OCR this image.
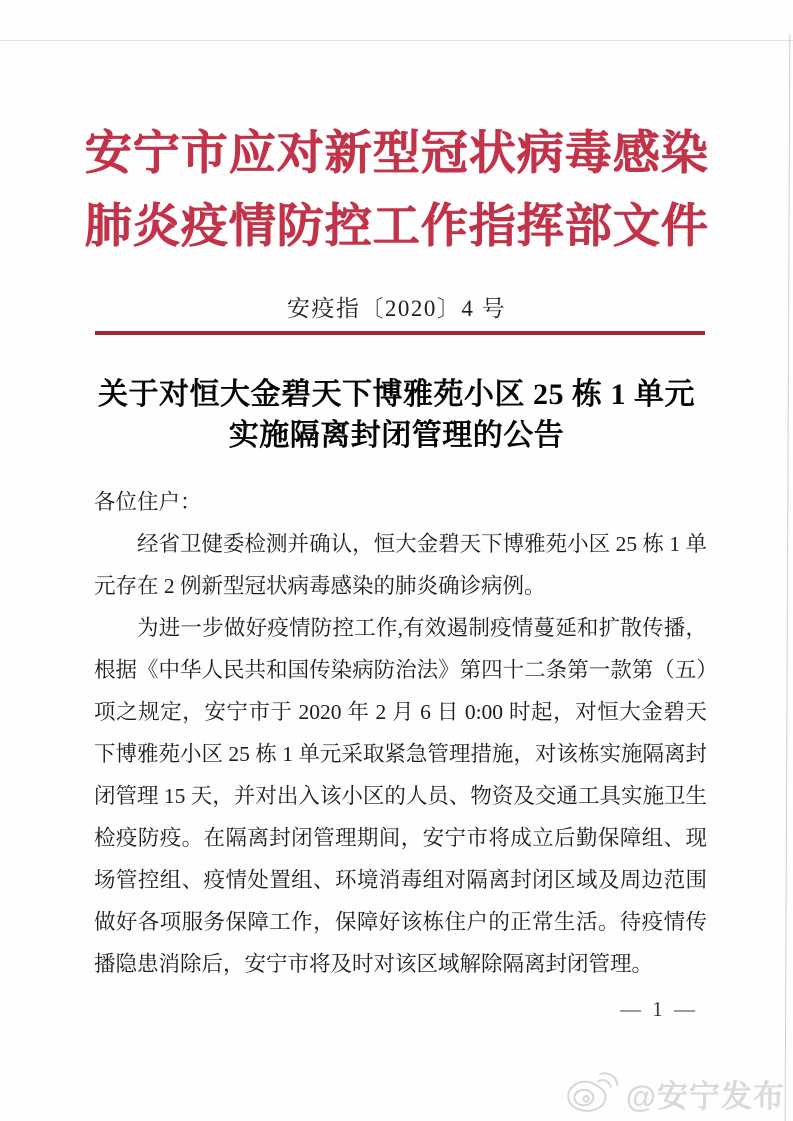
安宁市应对新型冠状病毒感染
肺炎疫情防控工作指挥部文件
安疫指〔2020〕4 号
关于对恒大金碧天下博雅苑小区 25 栋 1 单元
实施隔离封闭管理的公告

各位住户：

经省卫健委检测并确认，恒大金碧天下博雅苑小区 25 栋 1 单元存在 2 例新型冠状病毒感染的肺炎确诊病例。

为进一步做好疫情防控工作,有效遏制疫情蔓延和扩散传播，根据《中华人民共和国传染病防治法》第四十二条第一款第（五）项之规定，安宁市于 2020 年 2 月 6 日 0:00 时起，对恒大金碧天下博雅苑小区 25 栋 1 单元采取紧急管理措施，对该栋实施隔离封闭管理 15 天，并对出入该小区的人员、物资及交通工具实施卫生检疫防疫。在隔离封闭管理期间，安宁市将成立后勤保障组、现场管控组、疫情处置组、环境消毒组对隔离封闭区域及周边范围做好各项服务保障工作，保障好该栋住户的正常生活。待疫情传播隐患消除后，安宁市将及时对该区域解除隔离封闭管理。

— 1 —
@安宁发布
